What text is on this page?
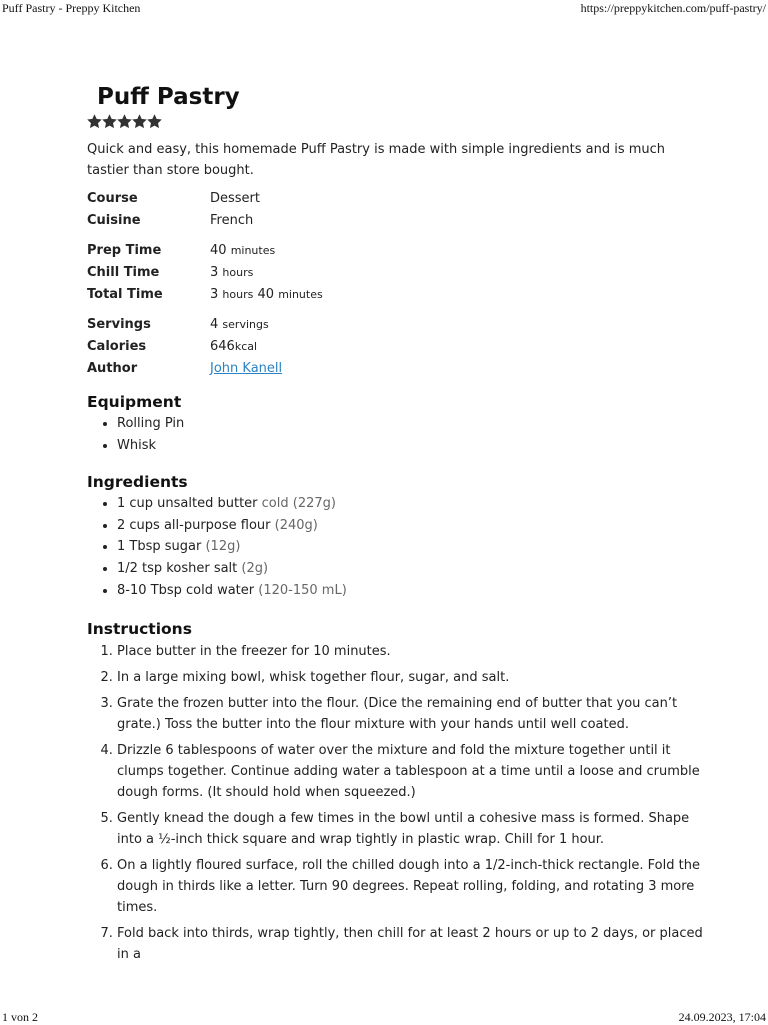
Puff Pastry - Preppy Kitchen	https://preppykitchen.com/puff-pastry/
Puff Pastry
Quick and easy, this homemade Puff Pastry is made with simple ingredients and is much tastier than store bought.
Course	Dessert
Cuisine	French
Prep Time	40 minutes
Chill Time	3 hours
Total Time	3 hours 40 minutes
Servings	4 servings
Calories	646kcal
Author	John Kanell
Equipment
• Rolling Pin
• Whisk
Ingredients
• 1 cup unsalted butter cold (227g)
• 2 cups all-purpose flour (240g)
• 1 Tbsp sugar (12g)
• 1/2 tsp kosher salt (2g)
• 8-10 Tbsp cold water (120-150 mL)
Instructions
1. Place butter in the freezer for 10 minutes.
2. In a large mixing bowl, whisk together flour, sugar, and salt.
3. Grate the frozen butter into the flour. (Dice the remaining end of butter that you can’t grate.) Toss the butter into the flour mixture with your hands until well coated.
4. Drizzle 6 tablespoons of water over the mixture and fold the mixture together until it clumps together. Continue adding water a tablespoon at a time until a loose and crumble dough forms. (It should hold when squeezed.)
5. Gently knead the dough a few times in the bowl until a cohesive mass is formed. Shape into a ½-inch thick square and wrap tightly in plastic wrap. Chill for 1 hour.
6. On a lightly floured surface, roll the chilled dough into a 1/2-inch-thick rectangle. Fold the dough in thirds like a letter. Turn 90 degrees. Repeat rolling, folding, and rotating 3 more times.
7. Fold back into thirds, wrap tightly, then chill for at least 2 hours or up to 2 days, or placed in a
1 von 2	24.09.2023, 17:04
